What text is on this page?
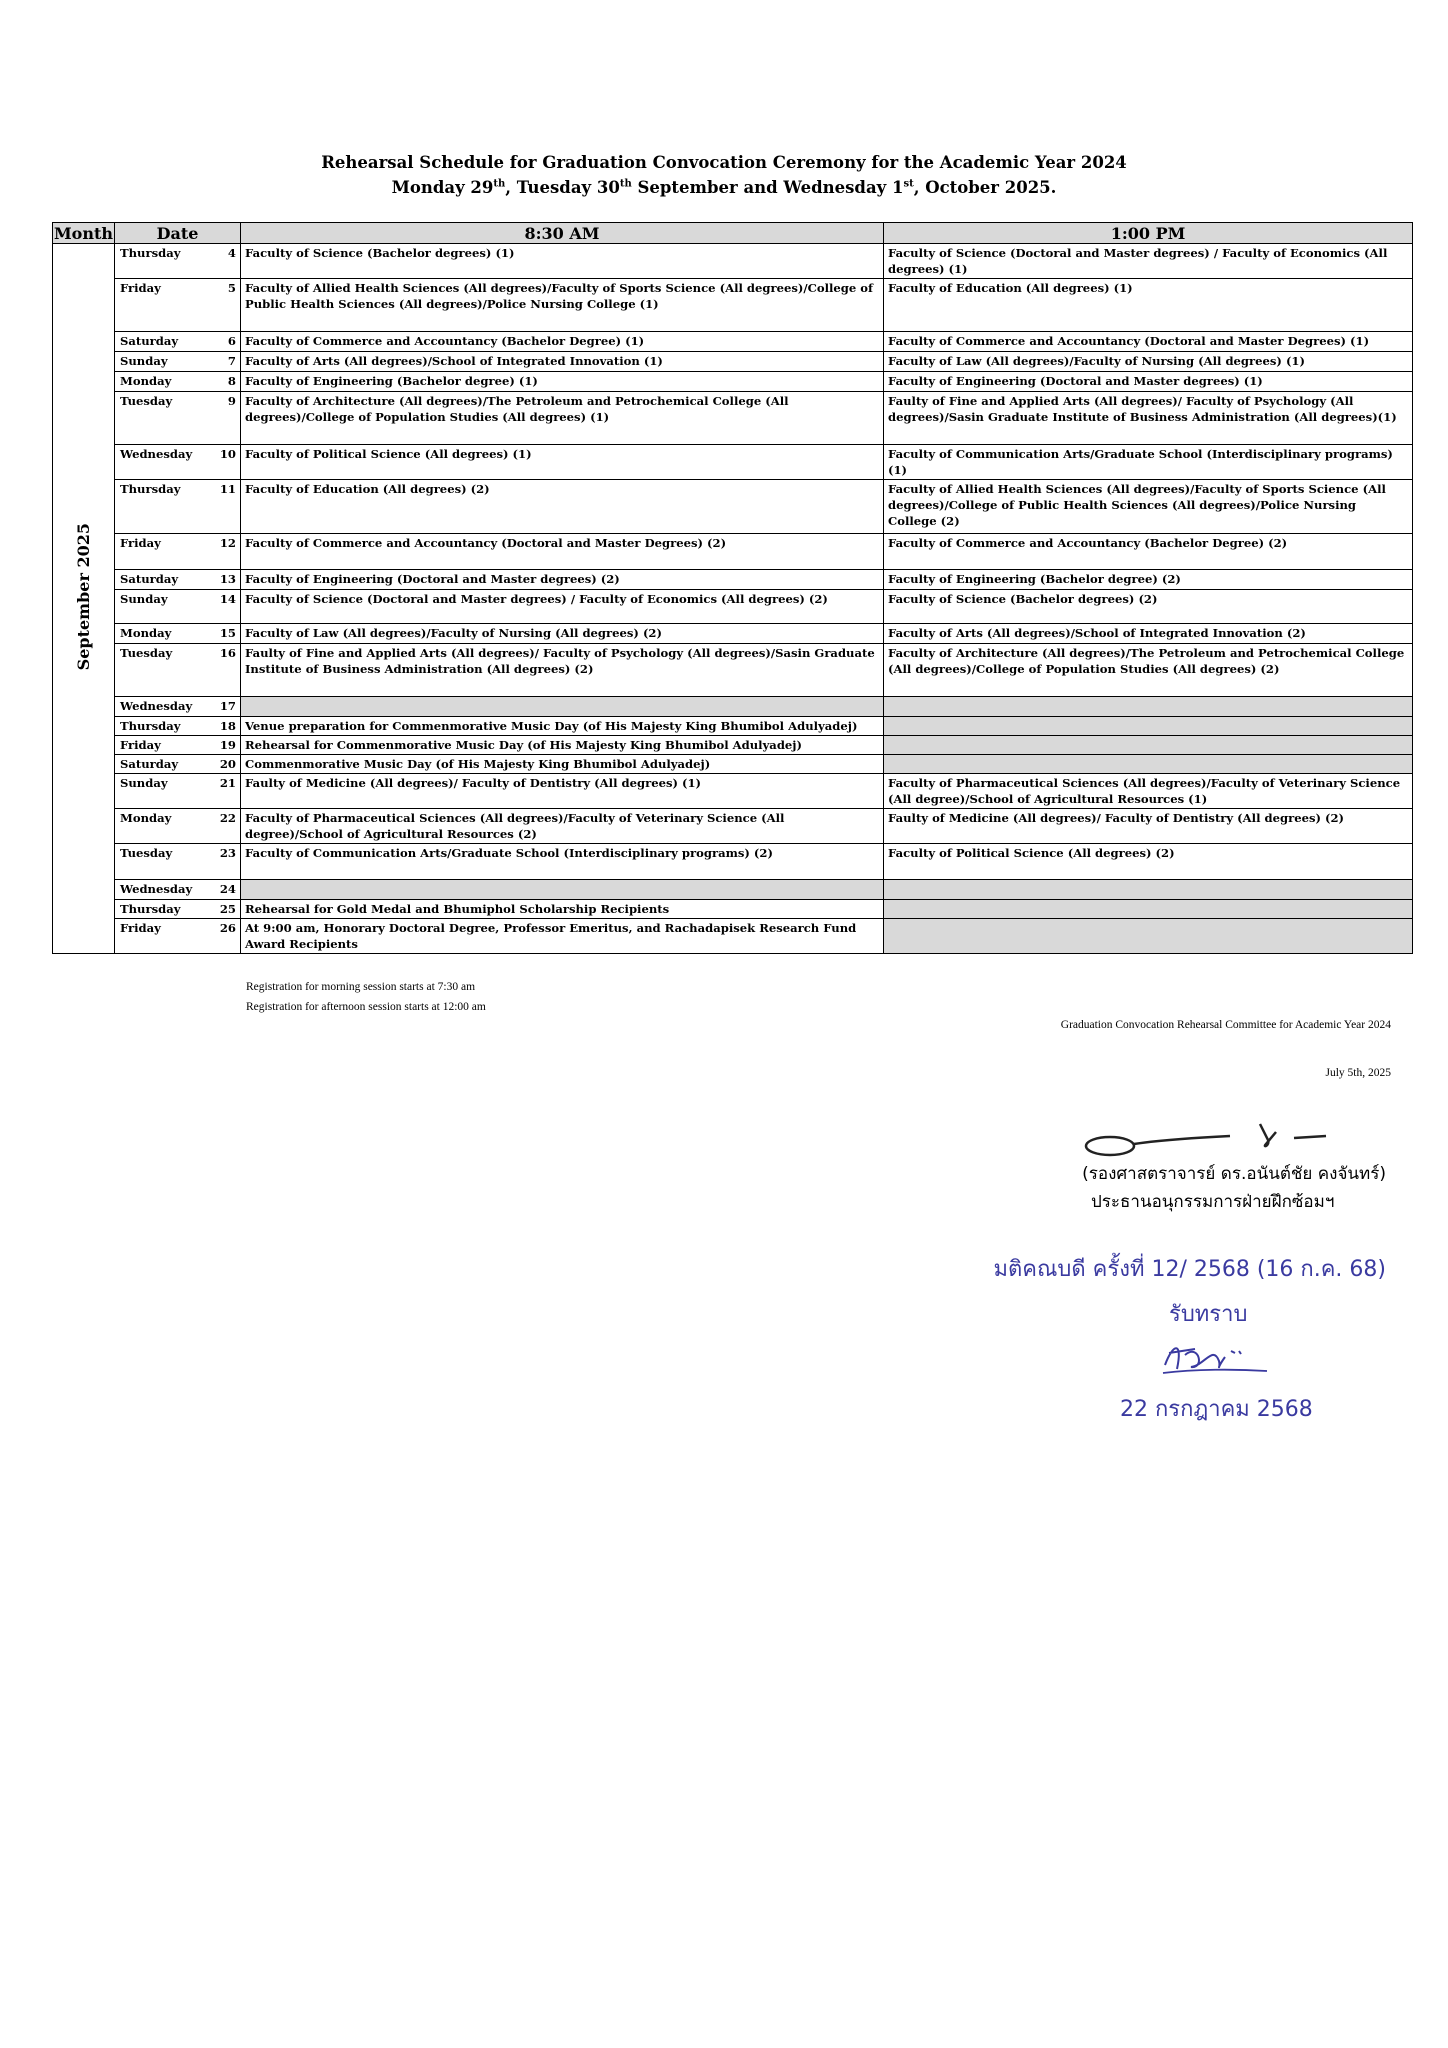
Rehearsal Schedule for Graduation Convocation Ceremony for the Academic Year 2024
Monday 29th, Tuesday 30th September and Wednesday 1st, October 2025.
Month	Date		8:30 AM	1:00 PM
September 2025	Thursday	4	Faculty of Science (Bachelor degrees) (1)	Faculty of Science (Doctoral and Master degrees) / Faculty of Economics (All degrees) (1)
	Friday	5	Faculty of Allied Health Sciences (All degrees)/Faculty of Sports Science (All degrees)/College of Public Health Sciences (All degrees)/Police Nursing College (1)	Faculty of Education (All degrees) (1)
	Saturday	6	Faculty of Commerce and Accountancy (Bachelor Degree) (1)	Faculty of Commerce and Accountancy (Doctoral and Master Degrees) (1)
	Sunday	7	Faculty of Arts (All degrees)/School of Integrated Innovation (1)	Faculty of Law (All degrees)/Faculty of Nursing (All degrees) (1)
	Monday	8	Faculty of Engineering (Bachelor degree) (1)	Faculty of Engineering (Doctoral and Master degrees) (1)
	Tuesday	9	Faculty of Architecture (All degrees)/The Petroleum and Petrochemical College (All degrees)/College of Population Studies (All degrees) (1)	Faulty of Fine and Applied Arts (All degrees)/ Faculty of Psychology (All degrees)/Sasin Graduate Institute of Business Administration (All degrees)(1)
	Wednesday	10	Faculty of Political Science (All degrees) (1)	Faculty of Communication Arts/Graduate School (Interdisciplinary programs) (1)
	Thursday	11	Faculty of Education (All degrees) (2)	Faculty of Allied Health Sciences (All degrees)/Faculty of Sports Science (All degrees)/College of Public Health Sciences (All degrees)/Police Nursing College (2)
	Friday	12	Faculty of Commerce and Accountancy (Doctoral and Master Degrees) (2)	Faculty of Commerce and Accountancy (Bachelor Degree) (2)
	Saturday	13	Faculty of Engineering (Doctoral and Master degrees) (2)	Faculty of Engineering (Bachelor degree) (2)
	Sunday	14	Faculty of Science (Doctoral and Master degrees) / Faculty of Economics (All degrees) (2)	Faculty of Science (Bachelor degrees) (2)
	Monday	15	Faculty of Law (All degrees)/Faculty of Nursing (All degrees) (2)	Faculty of Arts (All degrees)/School of Integrated Innovation (2)
	Tuesday	16	Faulty of Fine and Applied Arts (All degrees)/ Faculty of Psychology (All degrees)/Sasin Graduate Institute of Business Administration (All degrees) (2)	Faculty of Architecture (All degrees)/The Petroleum and Petrochemical College (All degrees)/College of Population Studies (All degrees) (2)
	Wednesday	17		
	Thursday	18	Venue preparation for Commenmorative Music Day (of His Majesty King Bhumibol Adulyadej)	
	Friday	19	Rehearsal for Commenmorative Music Day (of His Majesty King Bhumibol Adulyadej)	
	Saturday	20	Commenmorative Music Day (of His Majesty King Bhumibol Adulyadej)	
	Sunday	21	Faulty of Medicine (All degrees)/ Faculty of Dentistry (All degrees) (1)	Faculty of Pharmaceutical Sciences (All degrees)/Faculty of Veterinary Science (All degree)/School of Agricultural Resources (1)
	Monday	22	Faculty of Pharmaceutical Sciences (All degrees)/Faculty of Veterinary Science (All degree)/School of Agricultural Resources (2)	Faulty of Medicine (All degrees)/ Faculty of Dentistry (All degrees) (2)
	Tuesday	23	Faculty of Communication Arts/Graduate School (Interdisciplinary programs) (2)	Faculty of Political Science (All degrees) (2)
	Wednesday	24		
	Thursday	25	Rehearsal for Gold Medal and Bhumiphol Scholarship Recipients	
	Friday	26	At 9:00 am, Honorary Doctoral Degree, Professor Emeritus, and Rachadapisek Research Fund Award Recipients	
Registration for morning session starts at 7:30 am
Registration for afternoon session starts at 12:00 am
Graduation Convocation Rehearsal Committee for Academic Year 2024
July 5th, 2025
(รองศาสตราจารย์ ดร.อนันต์ชัย คงจันทร์)
ประธานอนุกรรมการฝ่ายฝึกซ้อมฯ
มติคณบดี ครั้งที่ 12/ 2568 (16 ก.ค. 68)
รับทราบ
22 กรกฎาคม 2568
